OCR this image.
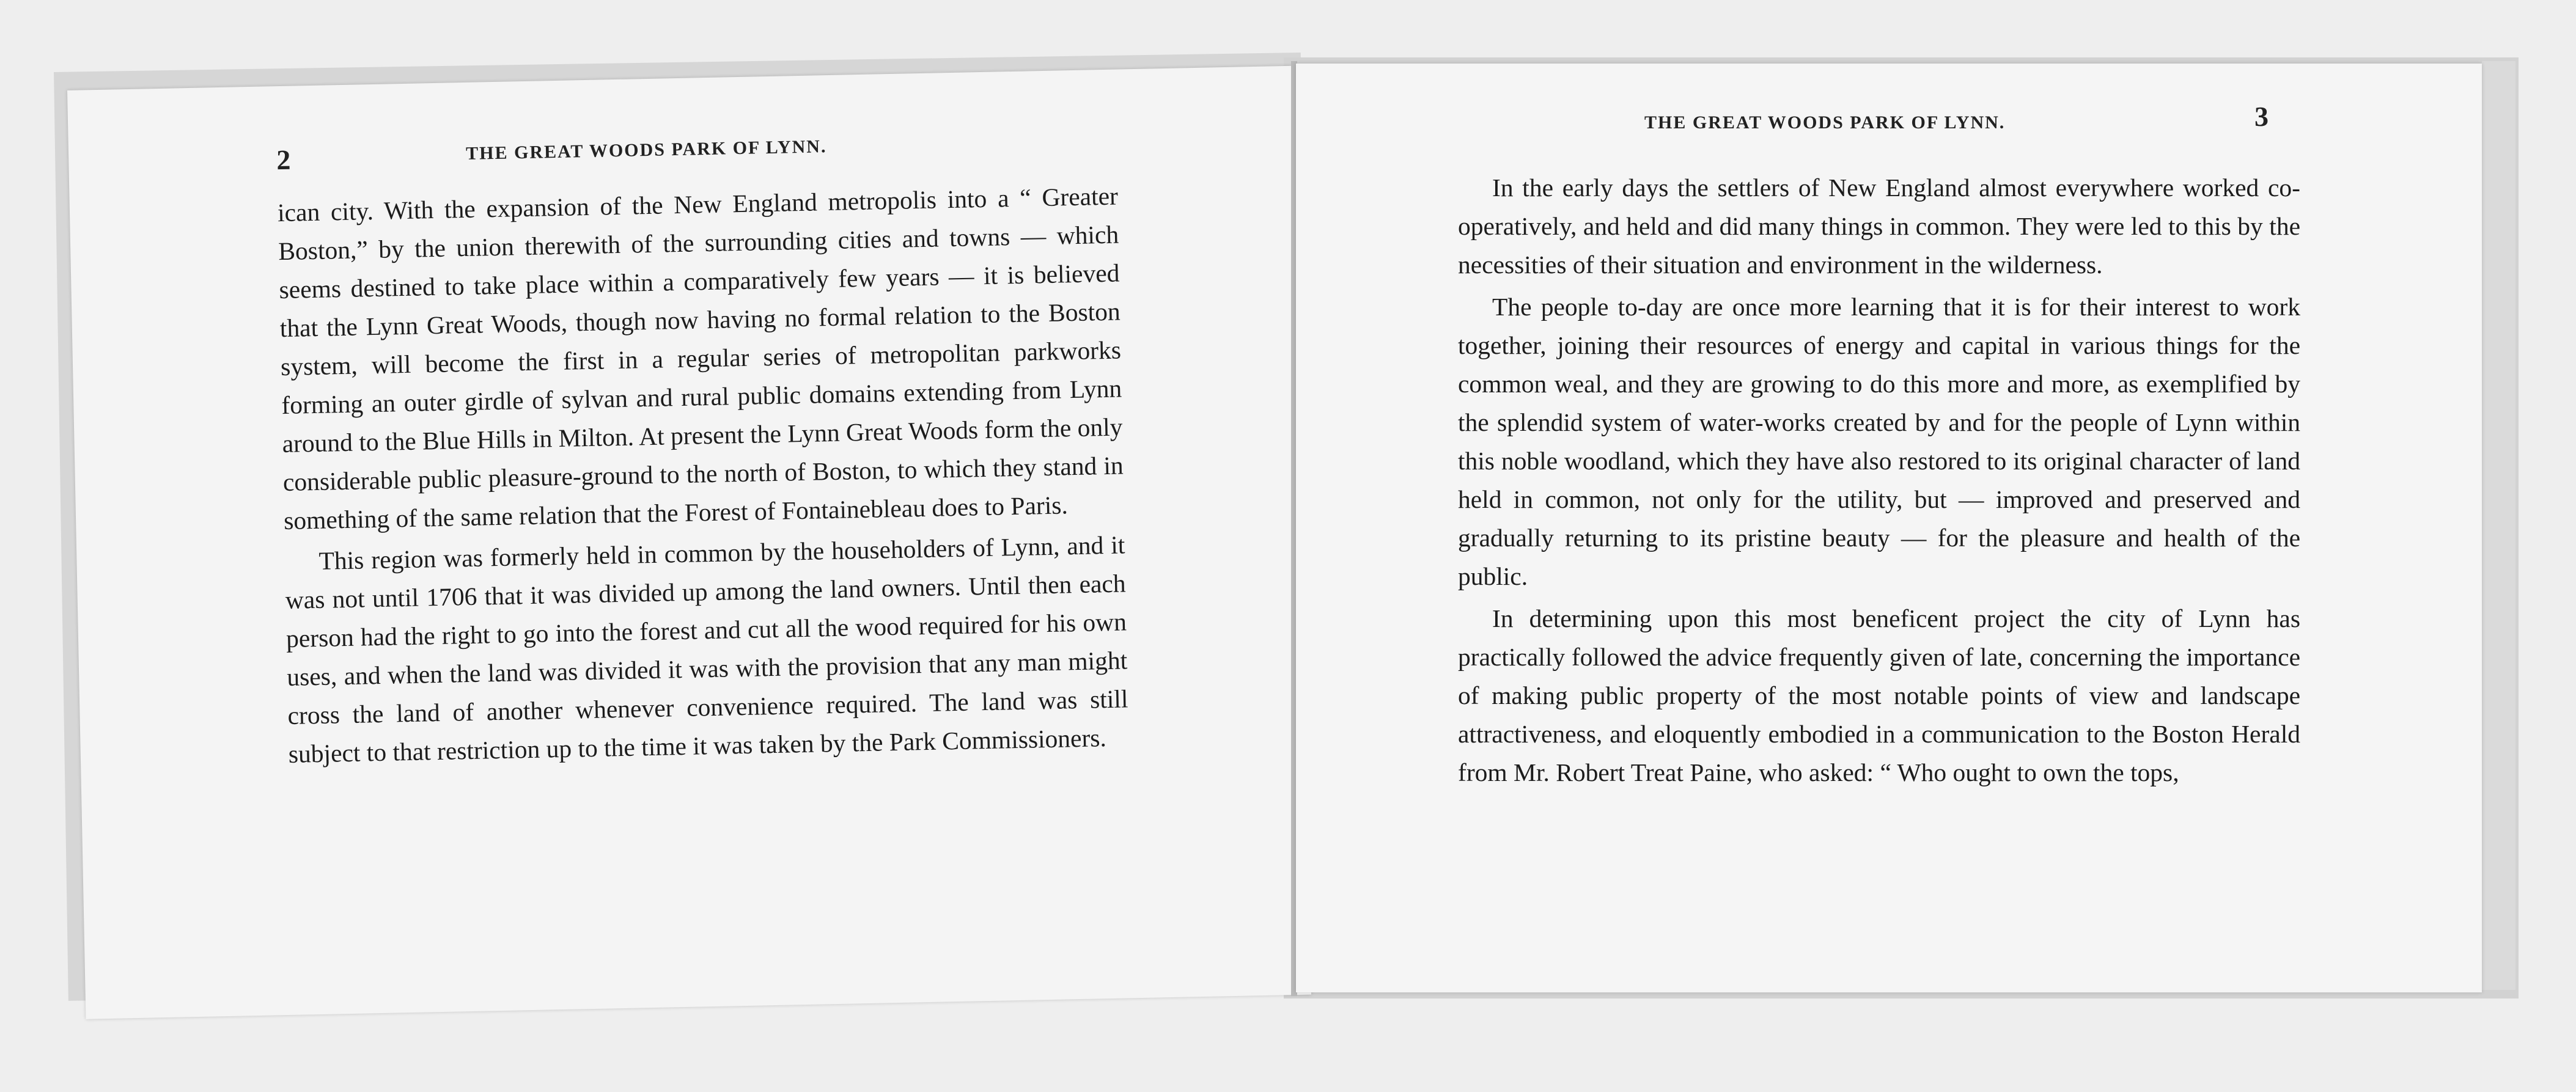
2	THE GREAT WOODS PARK OF LYNN.

ican city. With the expansion of the New England metropolis into a “ Greater Boston,” by the union therewith of the surrounding cities and towns — which seems destined to take place within a comparatively few years — it is believed that the Lynn Great Woods, though now having no formal relation to the Boston system, will become the first in a regular series of metropolitan parkworks forming an outer girdle of sylvan and rural public domains extending from Lynn around to the Blue Hills in Milton. At present the Lynn Great Woods form the only considerable public pleasure-ground to the north of Boston, to which they stand in something of the same relation that the Forest of Fontainebleau does to Paris.

This region was formerly held in common by the householders of Lynn, and it was not until 1706 that it was divided up among the land owners. Until then each person had the right to go into the forest and cut all the wood required for his own uses, and when the land was divided it was with the provision that any man might cross the land of another whenever convenience required. The land was still subject to that restriction up to the time it was taken by the Park Commissioners.

THE GREAT WOODS PARK OF LYNN.	3

In the early days the settlers of New England almost everywhere worked co-operatively, and held and did many things in common. They were led to this by the necessities of their situation and environment in the wilderness.

The people to-day are once more learning that it is for their interest to work together, joining their resources of energy and capital in various things for the common weal, and they are growing to do this more and more, as exemplified by the splendid system of water-works created by and for the people of Lynn within this noble woodland, which they have also restored to its original character of land held in common, not only for the utility, but — improved and preserved and gradually returning to its pristine beauty — for the pleasure and health of the public.

In determining upon this most beneficent project the city of Lynn has practically followed the advice frequently given of late, concerning the importance of making public property of the most notable points of view and landscape attractiveness, and eloquently embodied in a communication to the Boston Herald from Mr. Robert Treat Paine, who asked: “ Who ought to own the tops,
